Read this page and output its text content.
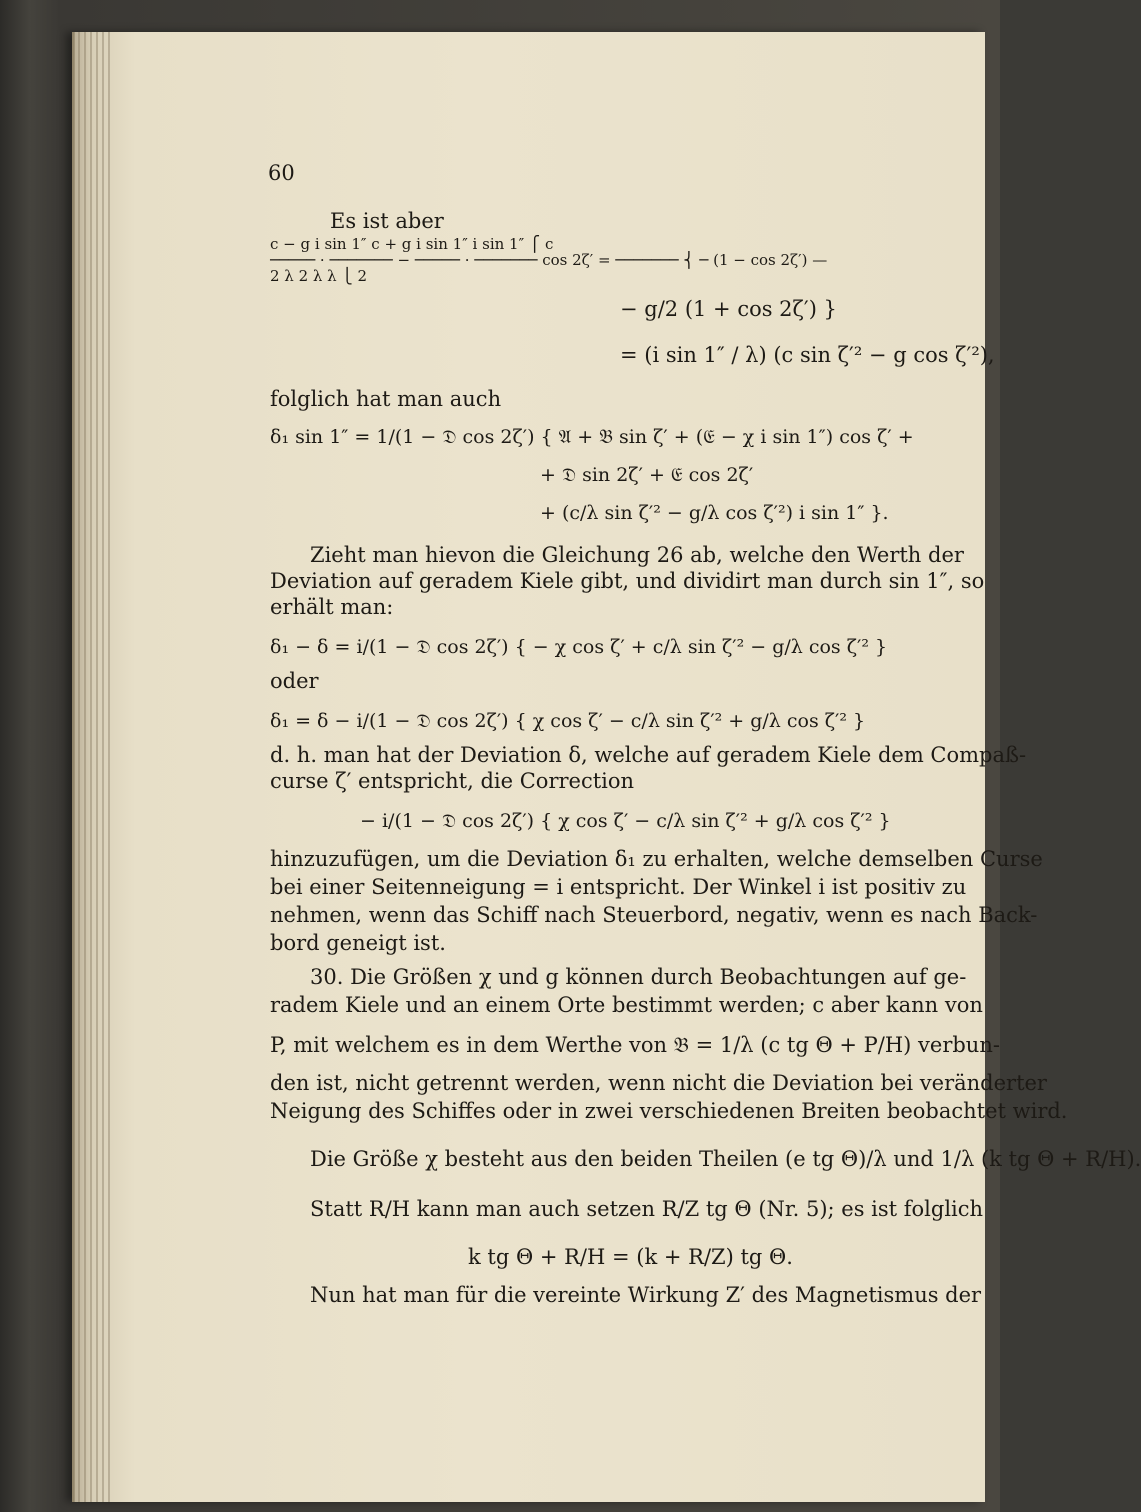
60
Es ist aber
c − g i sin 1″ c + g i sin 1″ i sin 1″ ⎧ c
───── · ─────── − ───── · ─────── cos 2ζ′ = ─────── ⎨ ─ (1 − cos 2ζ′) —
2 λ 2 λ λ ⎩ 2
− g/2 (1 + cos 2ζ′) }
= (i sin 1″ / λ) (c sin ζ′² − g cos ζ′²),
folglich hat man auch
δ₁ sin 1″ = 1/(1 − 𝔇 cos 2ζ′) { 𝔄 + 𝔅 sin ζ′ + (𝔈 − χ i sin 1″) cos ζ′ +
+ 𝔇 sin 2ζ′ + 𝔈 cos 2ζ′
+ (c/λ sin ζ′² − g/λ cos ζ′²) i sin 1″ }.
Zieht man hievon die Gleichung 26 ab, welche den Werth der
Deviation auf geradem Kiele gibt, und dividirt man durch sin 1″, so
erhält man:
δ₁ − δ = i/(1 − 𝔇 cos 2ζ′) { − χ cos ζ′ + c/λ sin ζ′² − g/λ cos ζ′² }
oder
δ₁ = δ − i/(1 − 𝔇 cos 2ζ′) { χ cos ζ′ − c/λ sin ζ′² + g/λ cos ζ′² }
d. h. man hat der Deviation δ, welche auf geradem Kiele dem Compaß-
curse ζ′ entspricht, die Correction
− i/(1 − 𝔇 cos 2ζ′) { χ cos ζ′ − c/λ sin ζ′² + g/λ cos ζ′² }
hinzuzufügen, um die Deviation δ₁ zu erhalten, welche demselben Curse
bei einer Seitenneigung = i entspricht. Der Winkel i ist positiv zu
nehmen, wenn das Schiff nach Steuerbord, negativ, wenn es nach Back-
bord geneigt ist.
30. Die Größen χ und g können durch Beobachtungen auf ge-
radem Kiele und an einem Orte bestimmt werden; c aber kann von
P, mit welchem es in dem Werthe von 𝔅 = 1/λ (c tg Θ + P/H) verbun-
den ist, nicht getrennt werden, wenn nicht die Deviation bei veränderter
Neigung des Schiffes oder in zwei verschiedenen Breiten beobachtet wird.
Die Größe χ besteht aus den beiden Theilen (e tg Θ)/λ und 1/λ (k tg Θ + R/H).
Statt R/H kann man auch setzen R/Z tg Θ (Nr. 5); es ist folglich
k tg Θ + R/H = (k + R/Z) tg Θ.
Nun hat man für die vereinte Wirkung Z′ des Magnetismus der
